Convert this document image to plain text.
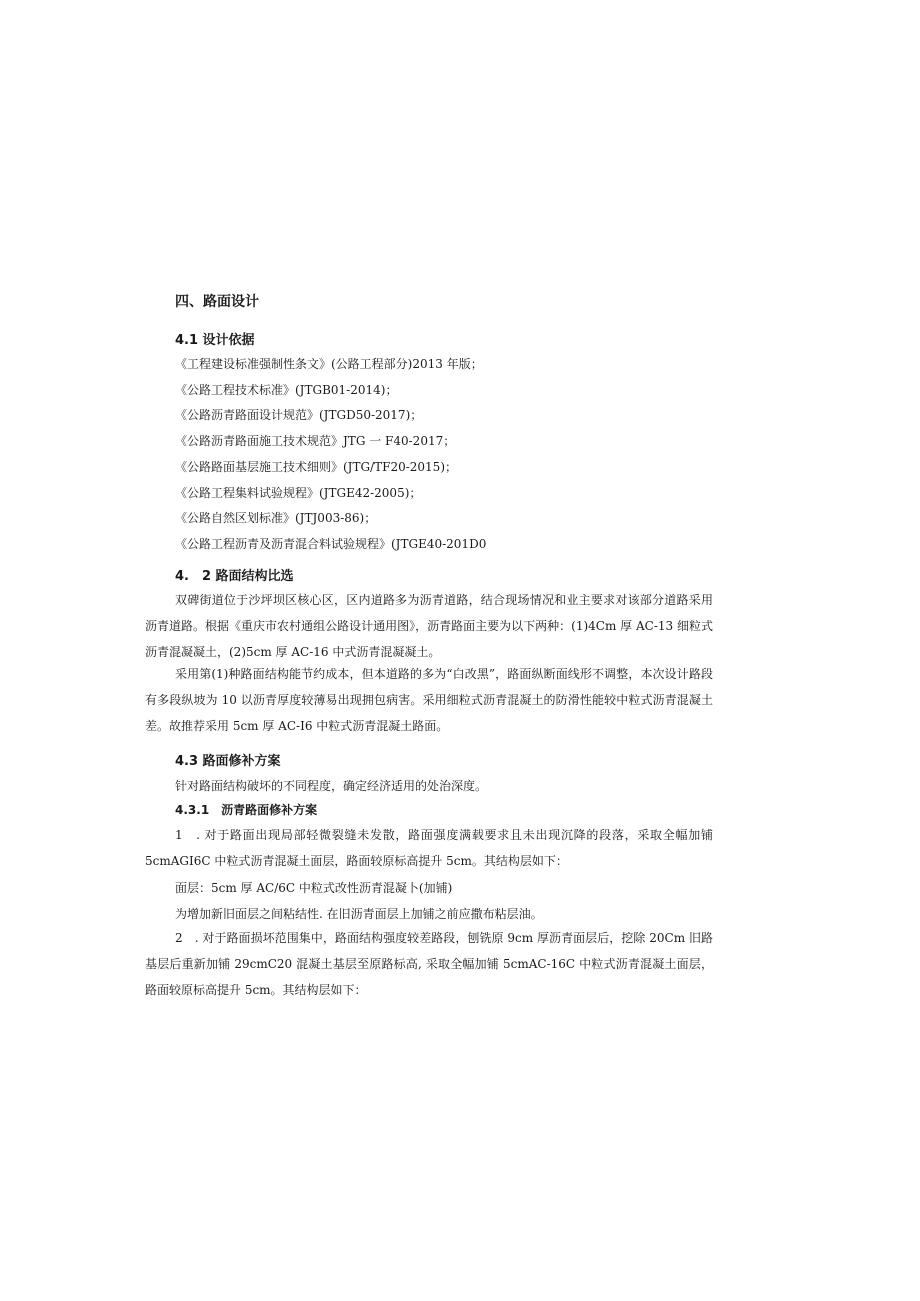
四、路面设计
4.1 设计依据
《工程建设标准强制性条文》(公路工程部分)2013 年版；
《公路工程技术标准》(JTGB01-2014)；
《公路沥青路面设计规范》(JTGD50-2017)；
《公路沥青路面施工技术规范》JTG 一 F40-2017；
《公路路面基层施工技术细则》(JTG/TF20-2015)；
《公路工程集料试验规程》(JTGE42-2005)；
《公路自然区划标准》(JTJ003-86)；
《公路工程沥青及沥青混合料试验规程》(JTGE40-201D0
4.　2 路面结构比选
双碑街道位于沙坪坝区核心区，区内道路多为沥青道路，结合现场情况和业主要求对该部分道路采用沥青道路。根据《重庆市农村通组公路设计通用图》，沥青路面主要为以下两种：(1)4Cm 厚 AC-13 细粒式沥青混凝凝土，(2)5cm 厚 AC-16 中式沥青混凝凝土。
采用第(1)种路面结构能节约成本，但本道路的多为“白改黑”，路面纵断面线形不调整，本次设计路段有多段纵坡为 10 以沥青厚度较薄易出现拥包病害。采用细粒式沥青混凝土的防滑性能较中粒式沥青混凝土差。故推荐采用 5cm 厚 AC-I6 中粒式沥青混凝土路面。
4.3 路面修补方案
针对路面结构破坏的不同程度，确定经济适用的处治深度。
4.3.1　沥青路面修补方案
1　. 对于路面出现局部轻微裂缝未发散，路面强度满载要求且未出现沉降的段落，采取全幅加铺 5cmAGI6C 中粒式沥青混凝土面层，路面较原标高提升 5cm。其结构层如下：
面层：5cm 厚 AC/6C 中粒式改性沥青混凝卜(加铺)
为增加新旧面层之间粘结性. 在旧沥青面层上加铺之前应撒布粘层油。
2　. 对于路面损坏范围集中，路面结构强度较差路段，刨铣原 9cm 厚沥青面层后，挖除 20Cm 旧路基层后重新加铺 29cmC20 混凝土基层至原路标高, 采取全幅加铺 5cmAC-16C 中粒式沥青混凝土面层，路面较原标高提升 5cm。其结构层如下：
